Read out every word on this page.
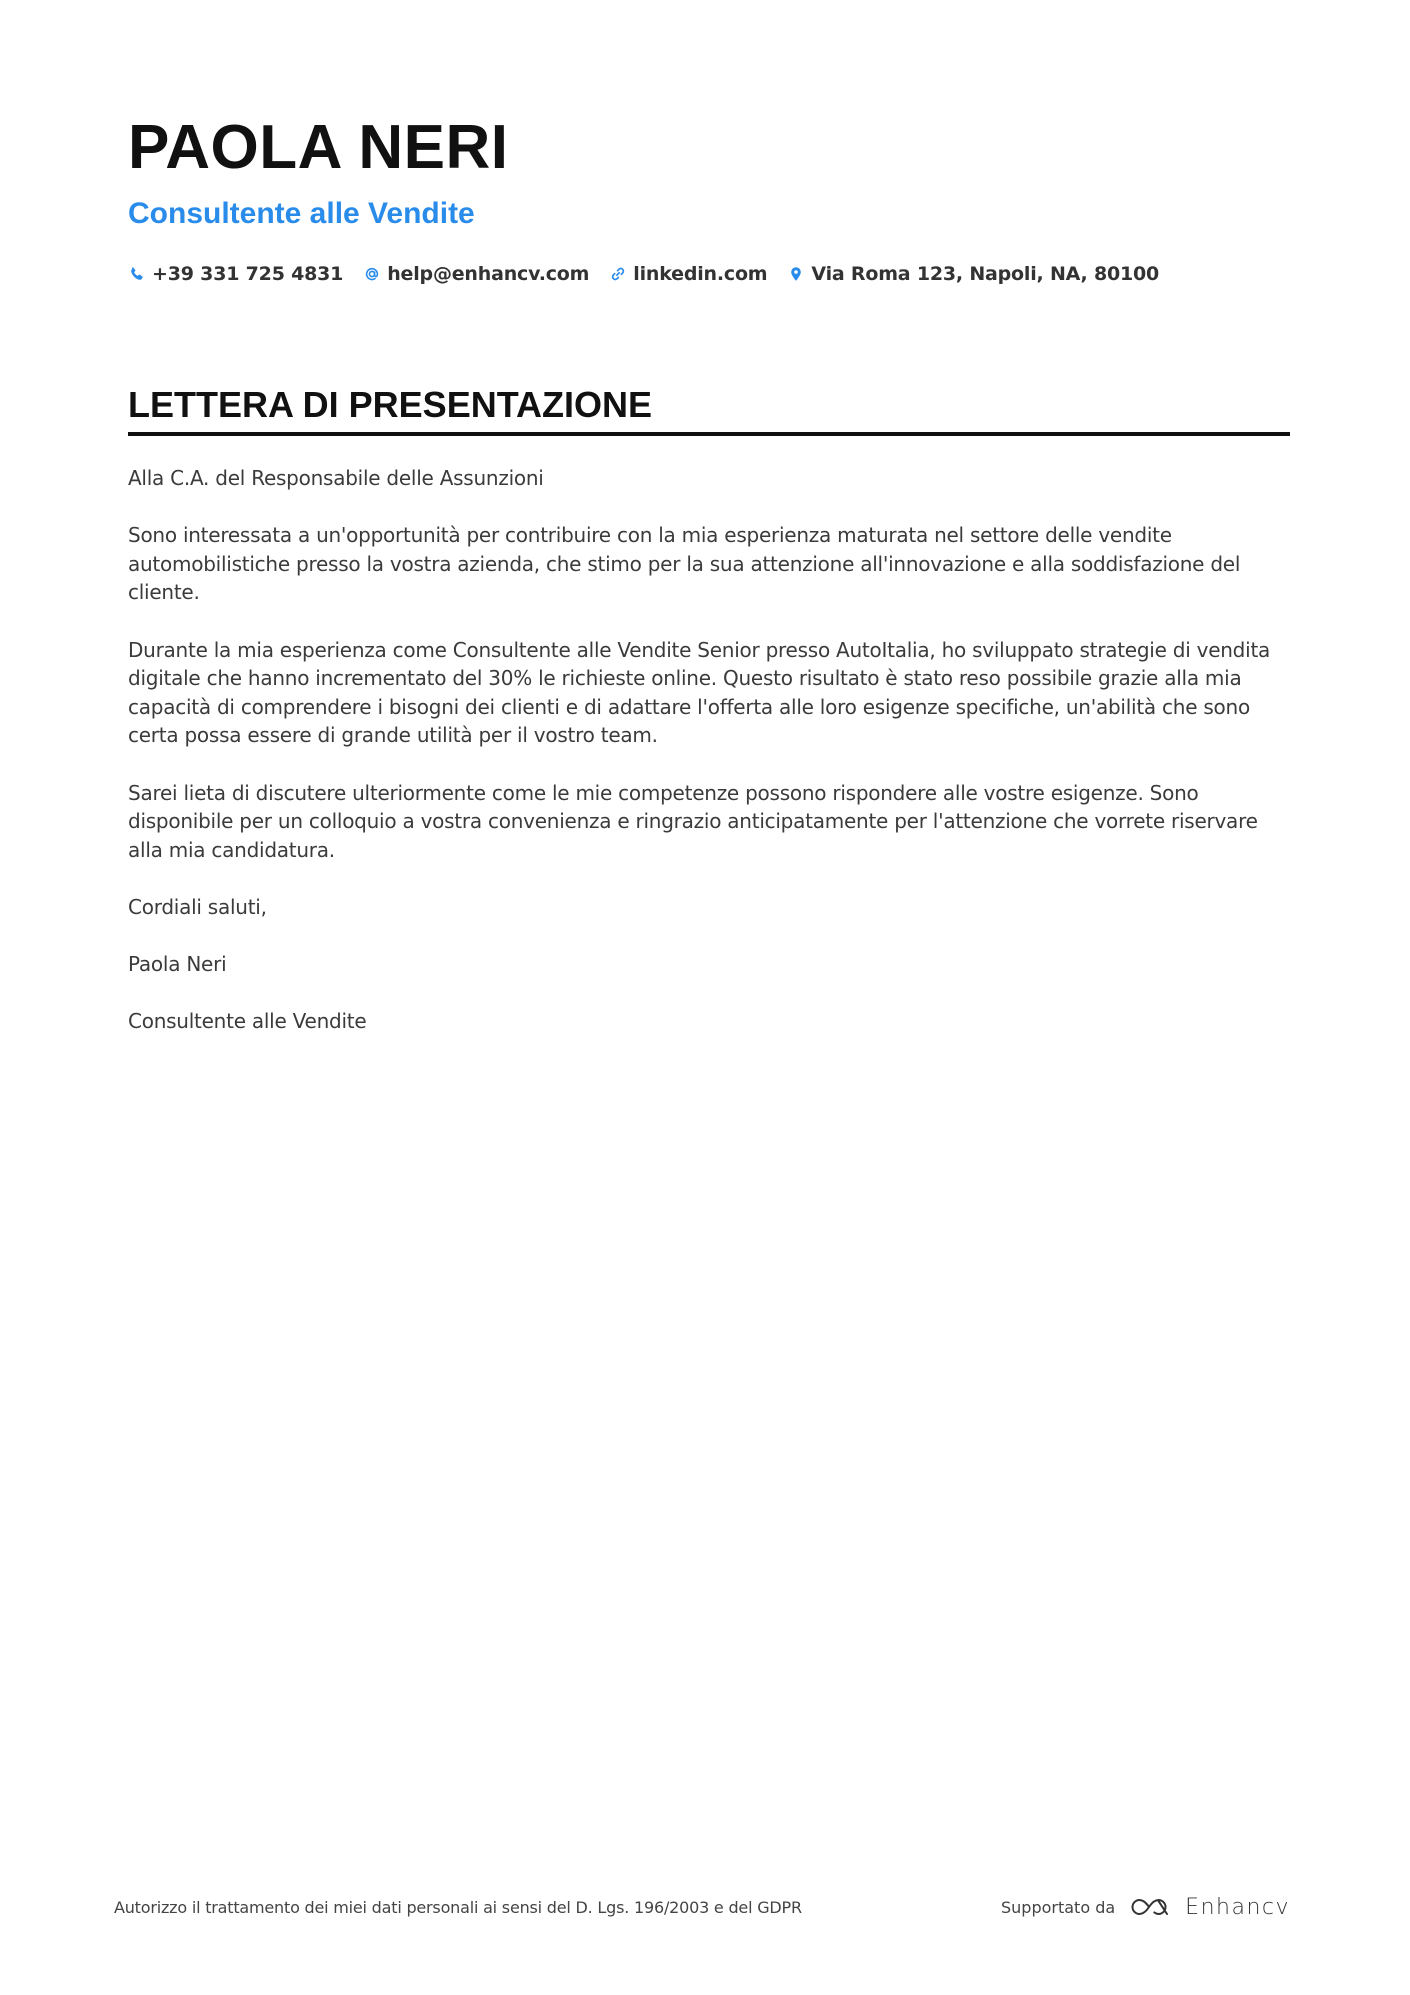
PAOLA NERI
Consultente alle Vendite
+39 331 725 4831 help@enhancv.com linkedin.com Via Roma 123, Napoli, NA, 80100
LETTERA DI PRESENTAZIONE

Alla C.A. del Responsabile delle Assunzioni

Sono interessata a un'opportunità per contribuire con la mia esperienza maturata nel settore delle vendite automobilistiche presso la vostra azienda, che stimo per la sua attenzione all'innovazione e alla soddisfazione del cliente.

Durante la mia esperienza come Consultente alle Vendite Senior presso AutoItalia, ho sviluppato strategie di vendita digitale che hanno incrementato del 30% le richieste online. Questo risultato è stato reso possibile grazie alla mia capacità di comprendere i bisogni dei clienti e di adattare l'offerta alle loro esigenze specifiche, un'abilità che sono certa possa essere di grande utilità per il vostro team.

Sarei lieta di discutere ulteriormente come le mie competenze possono rispondere alle vostre esigenze. Sono disponibile per un colloquio a vostra convenienza e ringrazio anticipatamente per l'attenzione che vorrete riservare alla mia candidatura.

Cordiali saluti,

Paola Neri

Consultente alle Vendite

Autorizzo il trattamento dei miei dati personali ai sensi del D. Lgs. 196/2003 e del GDPR	Supportato da	Enhancv
